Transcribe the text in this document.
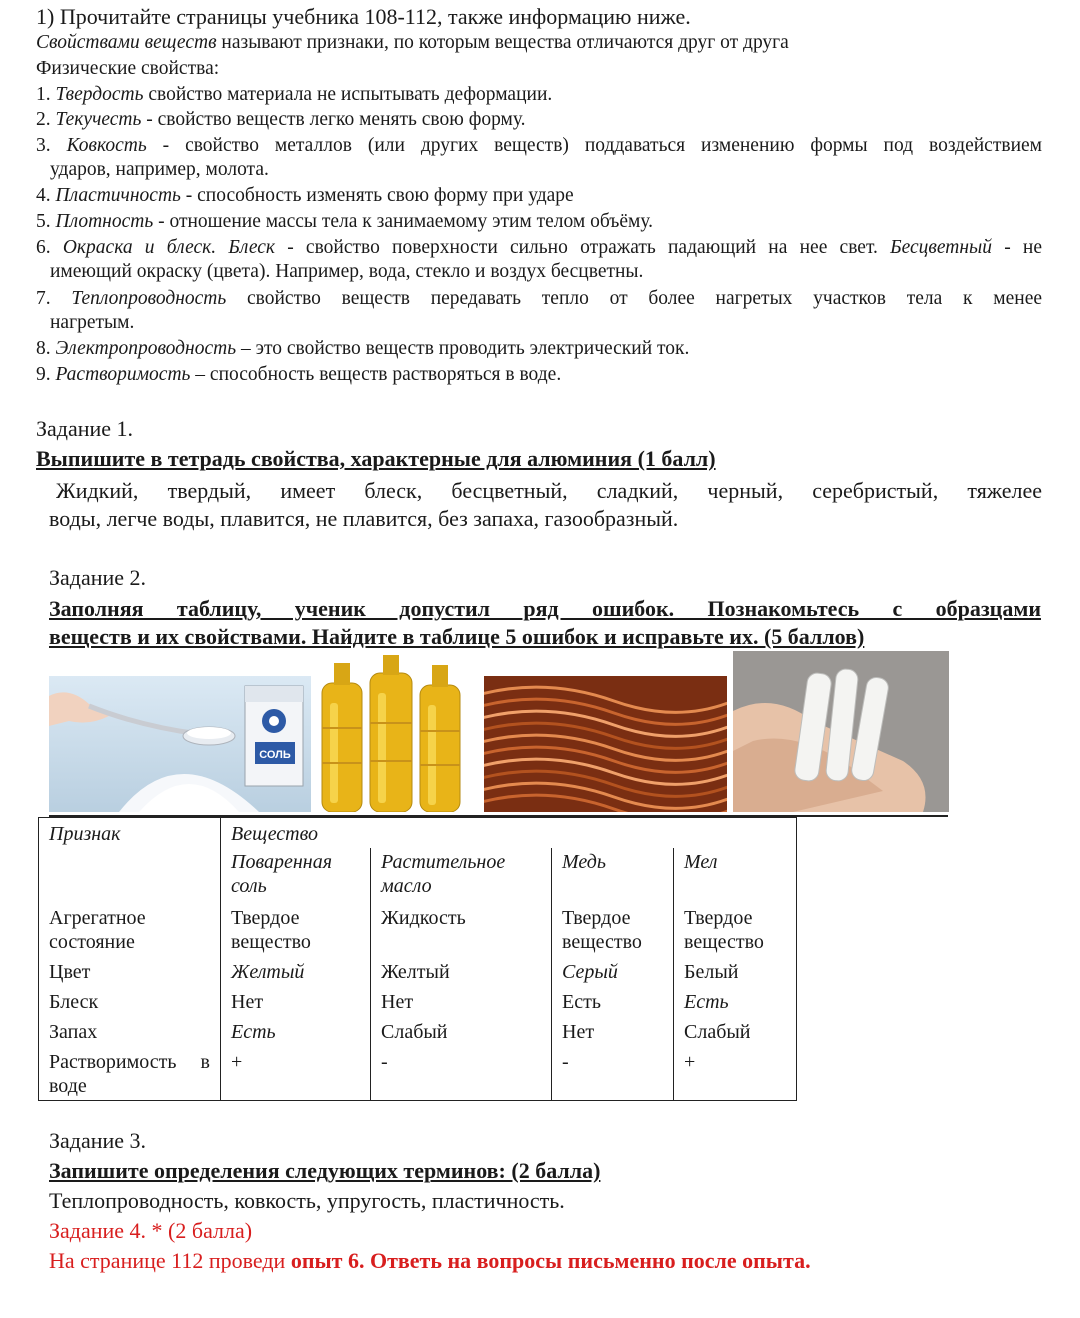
1) Прочитайте страницы учебника 108-112, также информацию ниже.
Свойствами веществ называют признаки, по которым вещества отличаются друг от друга
Физические свойства:
1. Твердость свойство материала не испытывать деформации.
2. Текучесть - свойство веществ легко менять свою форму.
3. Ковкость - свойство металлов (или других веществ) поддаваться изменению формы под воздействием
ударов, например, молота.
4. Пластичность - способность изменять свою форму при ударе
5. Плотность - отношение массы тела к занимаемому этим телом объёму.
6. Окраска и блеск. Блеск - свойство поверхности сильно отражать падающий на нее свет. Бесцветный - не
имеющий окраску (цвета). Например, вода, стекло и воздух бесцветны.
7. Теплопроводность свойство веществ передавать тепло от более нагретых участков тела к менее
нагретым.
8. Электропроводность – это свойство веществ проводить электрический ток.
9. Растворимость – способность веществ растворяться в воде.
Задание 1.
Выпишите в тетрадь свойства, характерные для алюминия (1 балл)
Жидкий, твердый, имеет блеск, бесцветный, сладкий, черный, серебристый, тяжелее
воды, легче воды, плавится, не плавится, без запаха, газообразный.
Задание 2.
Заполняя таблицу, ученик допустил ряд ошибок. Познакомьтесь с образцами
веществ и их свойствами. Найдите в таблице 5 ошибок и исправьте их. (5 баллов)
СОЛЬ
Признак	Вещество			
	Поваренная соль	Растительное масло	Медь	Мел
Агрегатное состояние	Твердое вещество	Жидкость	Твердое вещество	Твердое вещество
Цвет	Желтый	Желтый	Серый	Белый
Блеск	Нет	Нет	Есть	Есть
Запах	Есть	Слабый	Нет	Слабый
Растворимость в воде	+	-	-	+
Задание 3.
Запишите определения следующих терминов: (2 балла)
Теплопроводность, ковкость, упругость, пластичность.
Задание 4. * (2 балла)
На странице 112 проведи опыт 6. Ответь на вопросы письменно после опыта.
